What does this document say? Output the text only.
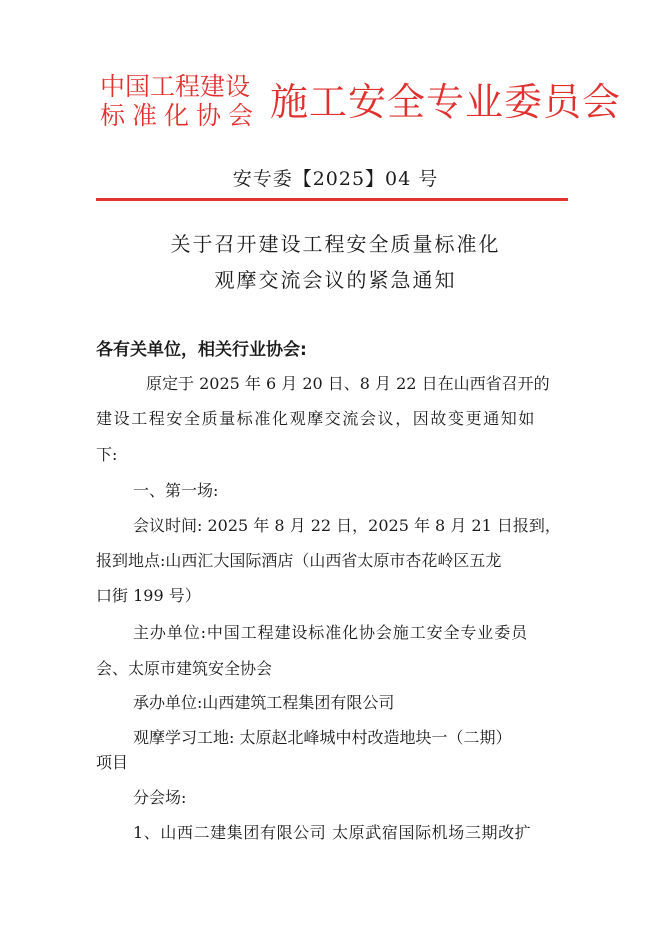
中国工程建设
标准化协会 施工安全专业委员会
安专委【2025】04 号
关于召开建设工程安全质量标准化
观摩交流会议的紧急通知
各有关单位，相关行业协会:
原定于 2025 年 6 月 20 日、8 月 22 日在山西省召开的
建设工程安全质量标准化观摩交流会议，因故变更通知如
下:
一、第一场:
会议时间: 2025 年 8 月 22 日，2025 年 8 月 21 日报到，
报到地点:山西汇大国际酒店（山西省太原市杏花岭区五龙
口街 199 号）
主办单位:中国工程建设标准化协会施工安全专业委员
会、太原市建筑安全协会
承办单位:山西建筑工程集团有限公司
观摩学习工地: 太原赵北峰城中村改造地块一（二期）
项目
分会场:
1、山西二建集团有限公司 太原武宿国际机场三期改扩
